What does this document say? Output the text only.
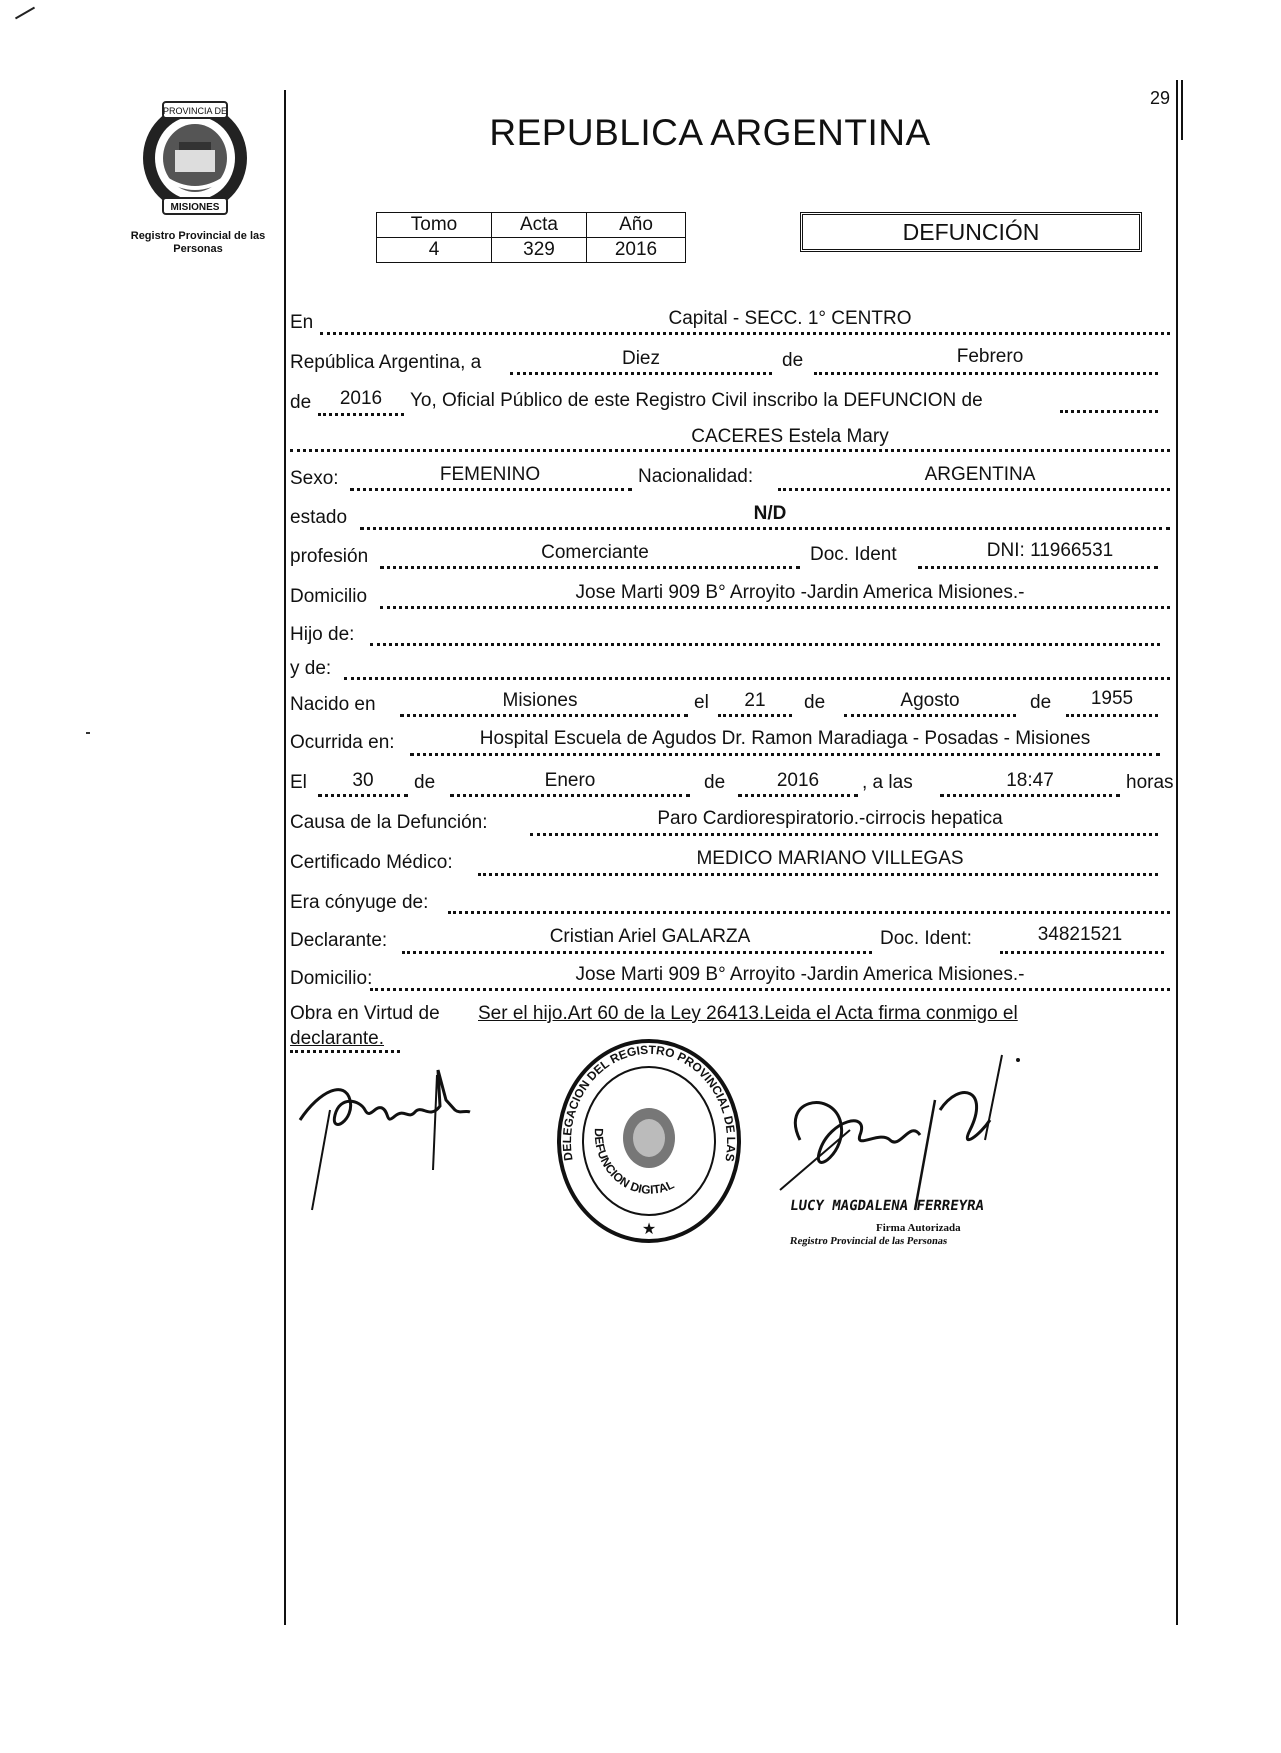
PROVINCIA DE
MISIONES
Registro Provincial de las Personas
REPUBLICA ARGENTINA
29
Tomo	Acta	Año
4	329	2016
DEFUNCIÓN
En	Capital - SECC. 1° CENTRO
República Argentina, a	Diez	de	Febrero
de	2016	Yo, Oficial Público de este Registro Civil inscribo la DEFUNCION de
CACERES Estela Mary
Sexo:	FEMENINO	Nacionalidad:	ARGENTINA
estado	N/D
profesión	Comerciante	Doc. Ident	DNI: 11966531
Domicilio	Jose Marti 909 B° Arroyito -Jardin America Misiones.-
Hijo de:
y de:
Nacido en	Misiones	el	21	de	Agosto	de	1955
Ocurrida en:	Hospital Escuela de Agudos Dr. Ramon Maradiaga - Posadas - Misiones
El	30	de	Enero	de	2016	, a las	18:47	horas
Causa de la Defunción:	Paro Cardiorespiratorio.-cirrocis hepatica
Certificado Médico:	MEDICO MARIANO VILLEGAS
Era cónyuge de:
Declarante:	Cristian Ariel GALARZA	Doc. Ident:	34821521
Domicilio:	Jose Marti 909 B° Arroyito -Jardin America Misiones.-
Obra en Virtud de Ser el hijo.Art 60 de la Ley 26413.Leida el Acta firma conmigo el
declarante.
DELEGACION DEL REGISTRO PROVINCIAL DE LAS
DEFUNCION DIGITAL
★
LUCY MAGDALENA FERREYRA
Firma Autorizada
Registro Provincial de las Personas
